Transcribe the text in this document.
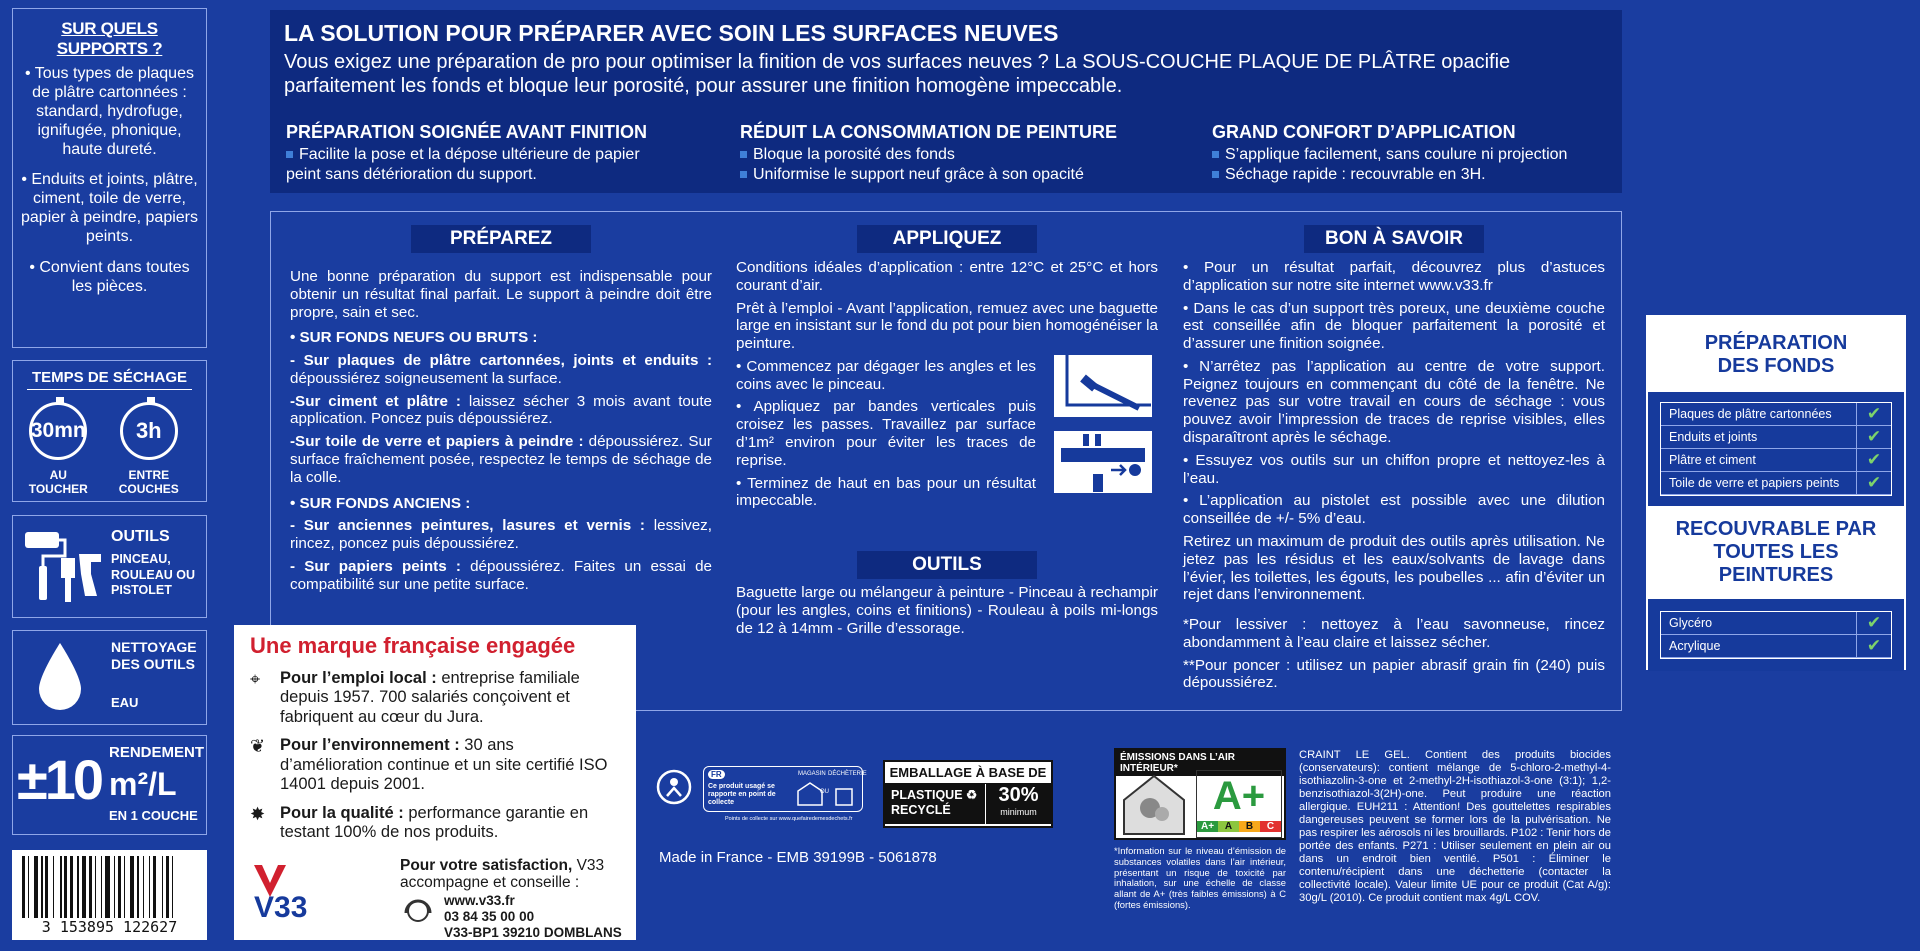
SUR QUELS SUPPORTS ?

• Tous types de plaques de plâtre cartonnées : standard, hydrofuge, ignifugée, phonique, haute dureté.

• Enduits et joints, plâtre, ciment, toile de verre, papier à peindre, papiers peints.

• Convient dans toutes les pièces.

TEMPS DE SÉCHAGE
30mn
AU TOUCHER
3h
ENTRE COUCHES
OUTILS
PINCEAU, ROULEAU OU PISTOLET
NETTOYAGE DES OUTILS
EAU
±10 RENDEMENT
m²/L
EN 1 COUCHE
3 153895 122627
LA SOLUTION POUR PRÉPARER AVEC SOIN LES SURFACES NEUVES

Vous exigez une préparation de pro pour optimiser la finition de vos surfaces neuves ? La SOUS-COUCHE PLAQUE DE PLÂTRE opacifie parfaitement les fonds et bloque leur porosité, pour assurer une finition homogène impeccable.

PRÉPARATION SOIGNÉE AVANT FINITION

Facilite la pose et la dépose ultérieure de papier

peint sans détérioration du support.

RÉDUIT LA CONSOMMATION DE PEINTURE

Bloque la porosité des fonds

Uniformise le support neuf grâce à son opacité

GRAND CONFORT D’APPLICATION

S’applique facilement, sans coulure ni projection

Séchage rapide : recouvrable en 3H.

PRÉPAREZ

Une bonne préparation du support est indispensable pour obtenir un résultat final parfait. Le support à peindre doit être propre, sain et sec.

• SUR FONDS NEUFS OU BRUTS :

- Sur plaques de plâtre cartonnées, joints et enduits : dépoussiérez soigneusement la surface.

-Sur ciment et plâtre : laissez sécher 3 mois avant toute application. Poncez puis dépoussiérez.

-Sur toile de verre et papiers à peindre : dépoussiérez. Sur surface fraîchement posée, respectez le temps de séchage de la colle.

• SUR FONDS ANCIENS :

- Sur anciennes peintures, lasures et vernis : lessivez, rincez, poncez puis dépoussiérez.

- Sur papiers peints : dépoussiérez. Faites un essai de compatibilité sur une petite surface.

APPLIQUEZ

Conditions idéales d’application : entre 12°C et 25°C et hors courant d’air.

Prêt à l’emploi - Avant l’application, remuez avec une baguette large en insistant sur le fond du pot pour bien homogénéiser la peinture.

• Commencez par dégager les angles et les coins avec le pinceau.

• Appliquez par bandes verticales puis croisez les passes. Travaillez par surface d’1m² environ pour éviter les traces de reprise.

• Terminez de haut en bas pour un résultat impeccable.

OUTILS

Baguette large ou mélangeur à peinture - Pinceau à rechampir (pour les angles, coins et finitions) - Rouleau à poils mi-longs de 12 à 14mm - Grille d’essorage.

BON À SAVOIR

• Pour un résultat parfait, découvrez plus d’astuces d’application sur notre site internet www.v33.fr

• Dans le cas d’un support très poreux, une deuxième couche est conseillée afin de bloquer parfaitement la porosité et d’assurer une finition soignée.

• N’arrêtez pas l’application au centre de votre support. Peignez toujours en commençant du côté de la fenêtre. Ne revenez pas sur votre travail en cours de séchage : vous pouvez avoir l’impression de traces de reprise visibles, elles disparaîtront après le séchage.

• Essuyez vos outils sur un chiffon propre et nettoyez-les à l’eau.

• L’application au pistolet est possible avec une dilution conseillée de +/- 5% d’eau.

Retirez un maximum de produit des outils après utilisation. Ne jetez pas les résidus et les eaux/solvants de lavage dans l’évier, les toilettes, les égouts, les poubelles ... afin d’éviter un rejet dans l’environnement.

*Pour lessiver : nettoyez à l’eau savonneuse, rincez abondamment à l’eau claire et laissez sécher.

**Pour poncer : utilisez un papier abrasif grain fin (240) puis dépoussiérez.

PRÉPARATION DES FONDS
Plaques de plâtre cartonnées	✔
Enduits et joints	✔
Plâtre et ciment	✔
Toile de verre et papiers peints	✔
RECOUVRABLE PAR TOUTES LES PEINTURES
Glycéro	✔
Acrylique	✔
Une marque française engagée
⌖	Pour l’emploi local : entreprise familiale depuis 1957. 700 salariés conçoivent et fabriquent au cœur du Jura.

❦ Pour l’environnement : 30 ans d’amélioration continue et un site certifié ISO 14001 depuis 2001.

✸ Pour la qualité : performance garantie en testant 100% de nos produits.

V33
Pour votre satisfaction, V33 accompagne et conseille :
www.v33.fr
03 84 35 00 00
V33-BP1 39210 DOMBLANS
FR
Ce produit usagé se rapporte en point de collecte
MAGASIN DÉCHÈTERIE
OU
Points de collecte sur www.quefairedemesdechets.fr
EMBALLAGE À BASE DE
PLASTIQUE ♻ RECYCLÉ
30%
minimum
Made in France - EMB 39199B - 5061878
ÉMISSIONS DANS L’AIR INTÉRIEUR*
A+
A+	A	B	C
*Information sur le niveau d’émission de substances volatiles dans l’air intérieur, présentant un risque de toxicité par inhalation, sur une échelle de classe allant de A+ (très faibles émissions) à C (fortes émissions).
CRAINT LE GEL. Contient des produits biocides (conservateurs): contient mélange de 5-chloro-2-methyl-4-isothiazolin-3-one et 2-methyl-2H-isothiazol-3-one (3:1); 1,2-benzisothiazol-3(2H)-one. Peut produire une réaction allergique. EUH211 : Attention! Des gouttelettes respirables dangereuses peuvent se former lors de la pulvérisation. Ne pas respirer les aérosols ni les brouillards. P102 : Tenir hors de portée des enfants. P271 : Utiliser seulement en plein air ou dans un endroit bien ventilé. P501 : Éliminer le contenu/récipient dans une déchetterie (contacter la collectivité locale). Valeur limite UE pour ce produit (Cat A/g): 30g/L (2010). Ce produit contient max 4g/L COV.
